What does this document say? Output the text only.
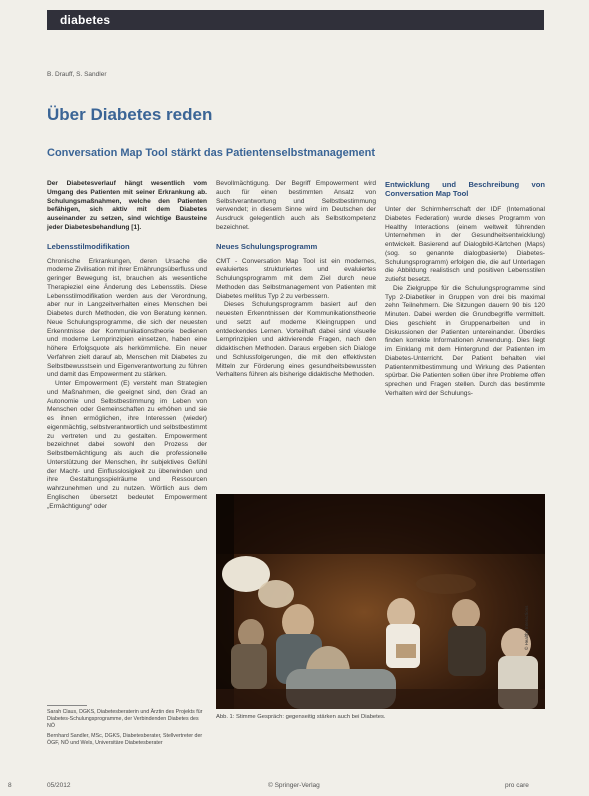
diabetes
B. Drauff, S. Sandler
Über Diabetes reden
Conversation Map Tool stärkt das Patientenselbstmanagement

Der Diabetesverlauf hängt wesentlich vom Umgang des Patienten mit seiner Erkrankung ab. Schulungsmaßnahmen, welche den Patienten befähigen, sich aktiv mit dem Diabetes auseinander zu setzen, sind wichtige Bausteine jeder Diabetesbehandlung [1].

Lebensstilmodifikation

Chronische Erkrankungen, deren Ursache die moderne Zivilisation mit ihrer Ernährungsüberfluss und geringer Bewegung ist, brauchen als wesentliche Therapieziel eine Änderung des Lebensstils. Diese Lebensstilmodifikation werden aus der Verordnung, aber nur in Langzeitverhalten eines Menschen bei Diabetes durch Methoden, die von Beratung kennen. Neue Schulungsprogramme, die sich der neuesten Erkenntnisse der Kommunikationstheorie bedienen und moderne Lernprinzipien einsetzen, haben eine höhere Erfolgsquote als herkömmliche. Ein neuer Verfahren zielt darauf ab, Menschen mit Diabetes zu Selbstbewusstsein und Eigenverantwortung zu führen und damit das Empowerment zu stärken.

Unter Empowerment (E) versteht man Strategien und Maßnahmen, die geeignet sind, den Grad an Autonomie und Selbstbestimmung im Leben von Menschen oder Gemeinschaften zu erhöhen und sie es ihnen ermöglichen, ihre Interessen (wieder) eigenmächtig, selbstverantwortlich und selbstbestimmt zu vertreten und zu gestalten. Empowerment bezeichnet dabei sowohl den Prozess der Selbstbemächtigung als auch die professionelle Unterstützung der Menschen, ihr subjektives Gefühl der Macht- und Einflusslosigkeit zu überwinden und ihre Gestaltungsspielräume und Ressourcen wahrzunehmen und zu nutzen. Wörtlich aus dem Englischen übersetzt bedeutet Empowerment „Ermächtigung“ oder

Bevollmächtigung. Der Begriff Empowerment wird auch für einen bestimmten Ansatz von Selbstverantwortung und Selbstbestimmung verwendet; in diesem Sinne wird im Deutschen der Ausdruck gelegentlich auch als Selbstkompetenz bezeichnet.

Neues Schulungsprogramm

CMT - Conversation Map Tool ist ein modernes, evaluiertes strukturiertes und evaluiertes Schulungsprogramm mit dem Ziel durch neue Methoden das Selbstmanagement von Patienten mit Diabetes mellitus Typ 2 zu verbessern.

Dieses Schulungsprogramm basiert auf den neuesten Erkenntnissen der Kommunikationstheorie und setzt auf moderne Kleingruppen und entdeckendes Lernen. Vorteilhaft dabei sind visuelle Lernprinzipien und aktivierende Fragen, nach den didaktischen Methoden. Daraus ergeben sich Dialoge und Schlussfolgerungen, die mit den effektivsten Mitteln zur Förderung eines gesundheitsbewussten Verhaltens führen als bisherige didaktische Methoden.

Entwicklung und Beschreibung von Conversation Map Tool

Unter der Schirmherrschaft der IDF (International Diabetes Federation) wurde dieses Programm von Healthy Interactions (einem weltweit führenden Unternehmen in der Gesundheitsentwicklung) entwickelt. Basierend auf Dialogbild-Kärtchen (Maps) (sog. so genannte dialogbasierte) Diabetes-Schulungsprogramm) erfolgen die, die auf Unterlagen die Abbildung realistisch und positiven Lebensstilen zutiefst besetzt.

Die Zielgruppe für die Schulungsprogramme sind Typ 2-Diabetiker in Gruppen von drei bis maximal zehn Teilnehmern. Die Sitzungen dauern 90 bis 120 Minuten. Dabei werden die Grundbegriffe vermittelt. Dies geschieht in Gruppenarbeiten und in Diskussionen der Patienten untereinander. Überdies finden korrekte Informationen Anwendung. Dies liegt im Einklang mit dem Hintergrund der Patienten im Diabetes-Unterricht. Der Patient behalten viel Patientenmitbestimmung und Wirkung des Patienten spürbar. Die Patienten sollen über ihre Probleme offen sprechen und Fragen stellen. Durch das bestimmte Verhalten wird der Schulungs-

Sarah Claus, DGKS, Diabetesberaterin und Ärztin des Projekts für Diabetes-Schulungsprogramme, der Verbindenden Diabetes des NÖ

Bernhard Sandler, MSc, DGKS, Diabetesberater, Stellvertreter der ÖGF, NÖ und Wels, Universitäre Diabetesberater

© Healthy Interactions
Abb. 1: Stimme Gespräch: gegenseitig stärken auch bei Diabetes.
8	05/2012	© Springer-Verlag	pro care
